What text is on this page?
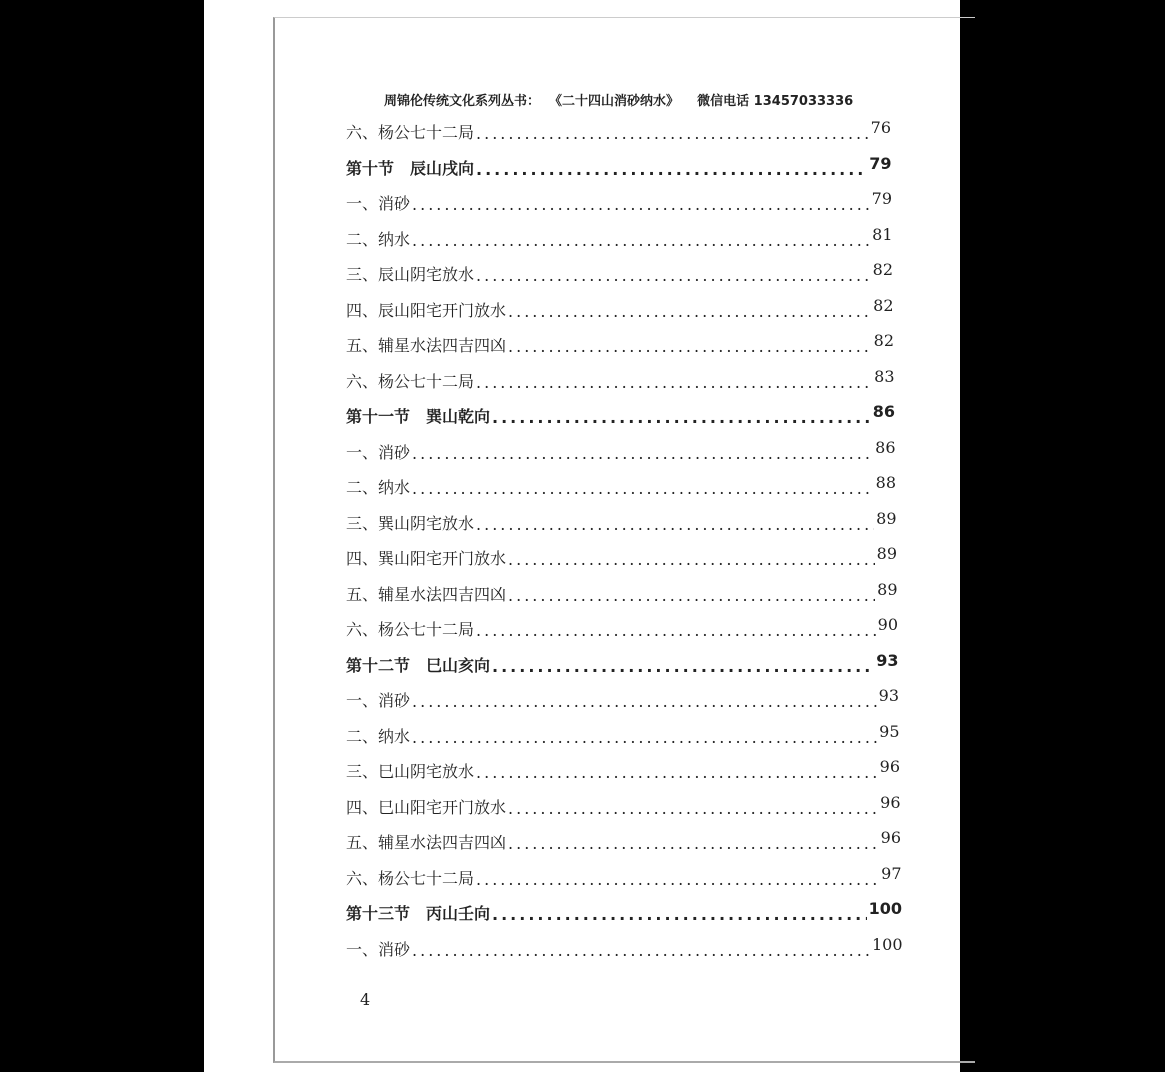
周锦伦传统文化系列丛书：  《二十四山消砂纳水》    微信电话 13457033336
六、杨公七十二局 .....	76
第十节　辰山戌向 .....	79
一、消砂 .....	79
二、纳水 .....	81
三、辰山阴宅放水 .....	82
四、辰山阳宅开门放水 .....	82
五、辅星水法四吉四凶 .....	82
六、杨公七十二局 .....	83
第十一节　巽山乾向 .....	86
一、消砂 .....	86
二、纳水 .....	88
三、巽山阴宅放水 .....	89
四、巽山阳宅开门放水 .....	89
五、辅星水法四吉四凶 .....	89
六、杨公七十二局 .....	90
第十二节　巳山亥向 .....	93
一、消砂 .....	93
二、纳水 .....	95
三、巳山阴宅放水 .....	96
四、巳山阳宅开门放水 .....	96
五、辅星水法四吉四凶 .....	96
六、杨公七十二局 .....	97
第十三节　丙山壬向 .....	100
一、消砂 .....	100
4
